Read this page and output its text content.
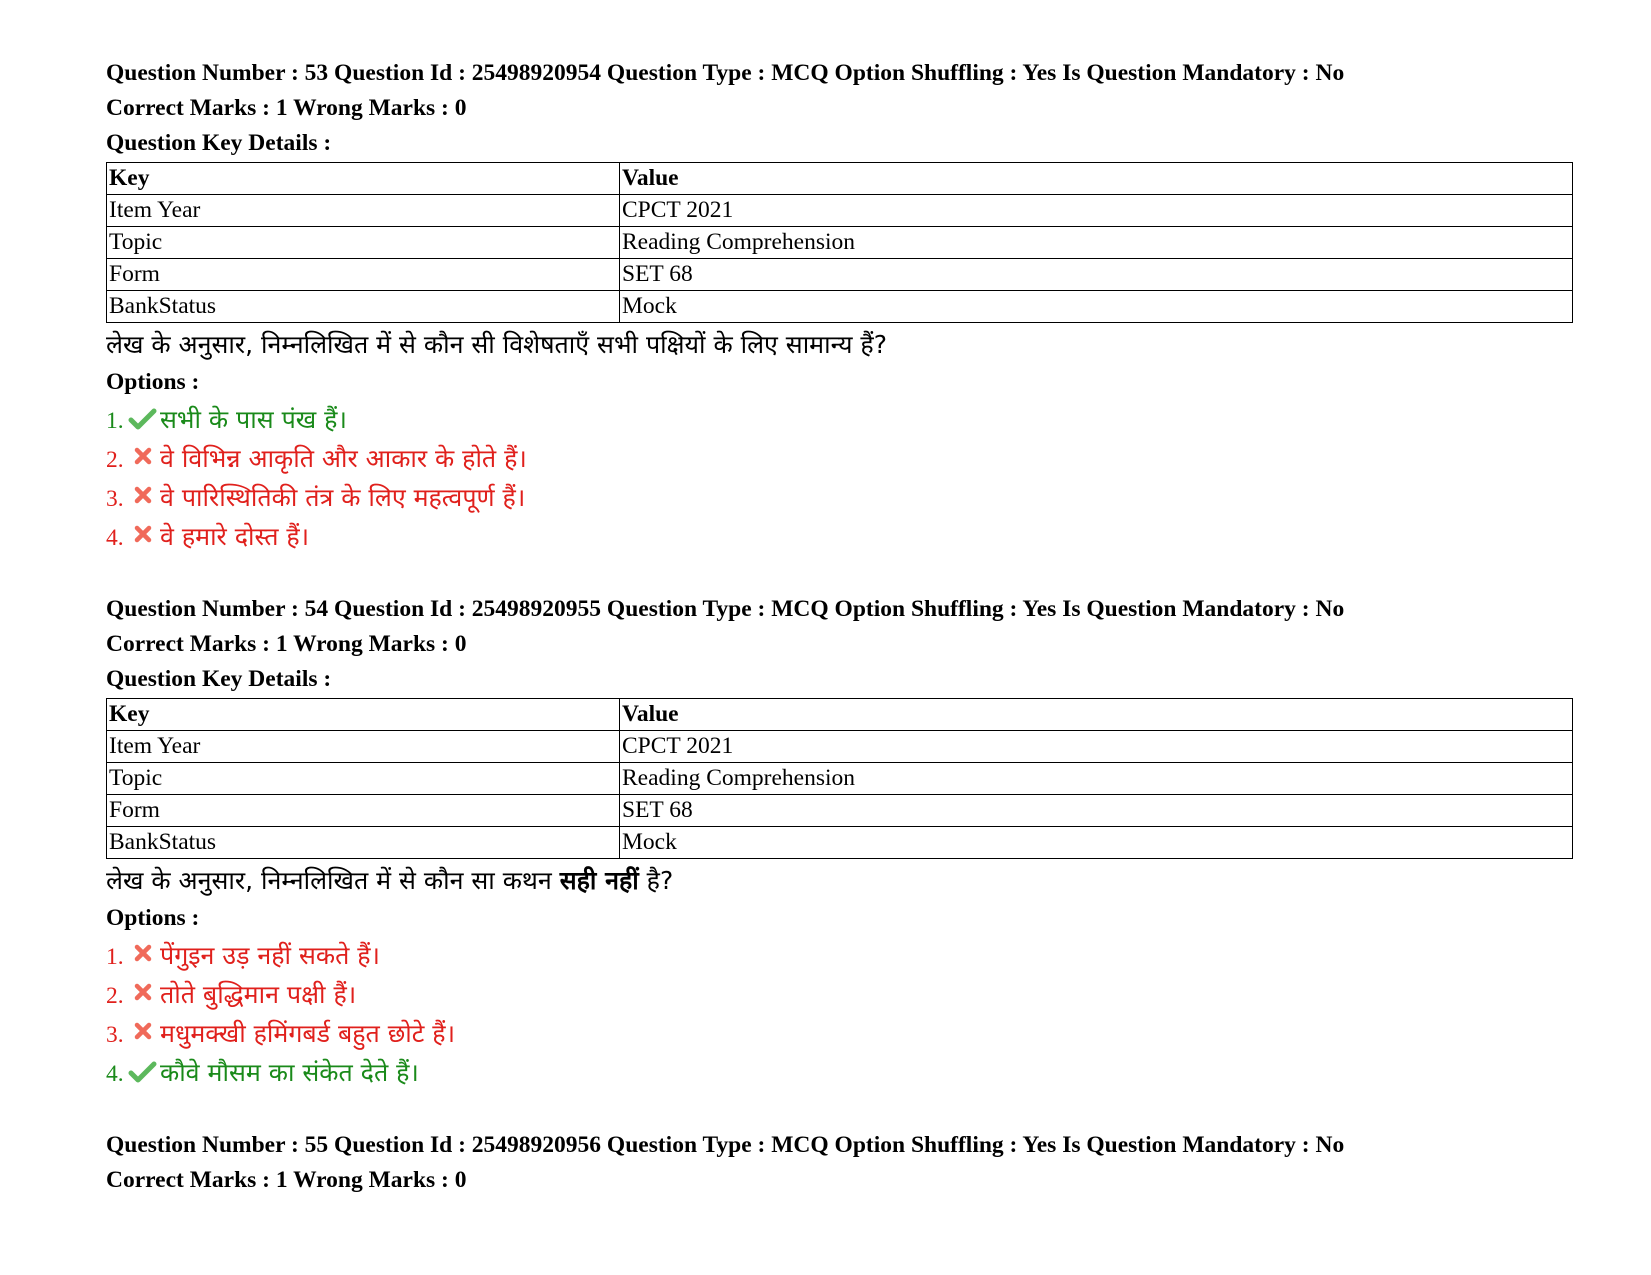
Question Number : 53 Question Id : 25498920954 Question Type : MCQ Option Shuffling : Yes Is Question Mandatory : No
Correct Marks : 1 Wrong Marks : 0
Question Key Details :
Key	Value
Item Year	CPCT 2021
Topic	Reading Comprehension
Form	SET 68
BankStatus	Mock
लेख के अनुसार, निम्नलिखित में से कौन सी विशेषताएँ सभी पक्षियों के लिए सामान्य हैं?
Options :
1. सभी के पास पंख हैं।
2. वे विभिन्न आकृति और आकार के होते हैं।
3. वे पारिस्थितिकी तंत्र के लिए महत्वपूर्ण हैं।
4. वे हमारे दोस्त हैं।
Question Number : 54 Question Id : 25498920955 Question Type : MCQ Option Shuffling : Yes Is Question Mandatory : No
Correct Marks : 1 Wrong Marks : 0
Question Key Details :
Key	Value
Item Year	CPCT 2021
Topic	Reading Comprehension
Form	SET 68
BankStatus	Mock
लेख के अनुसार, निम्नलिखित में से कौन सा कथन सही नहीं है?
Options :
1. पेंगुइन उड़ नहीं सकते हैं।
2. तोते बुद्धिमान पक्षी हैं।
3. मधुमक्खी हमिंगबर्ड बहुत छोटे हैं।
4. कौवे मौसम का संकेत देते हैं।
Question Number : 55 Question Id : 25498920956 Question Type : MCQ Option Shuffling : Yes Is Question Mandatory : No
Correct Marks : 1 Wrong Marks : 0
